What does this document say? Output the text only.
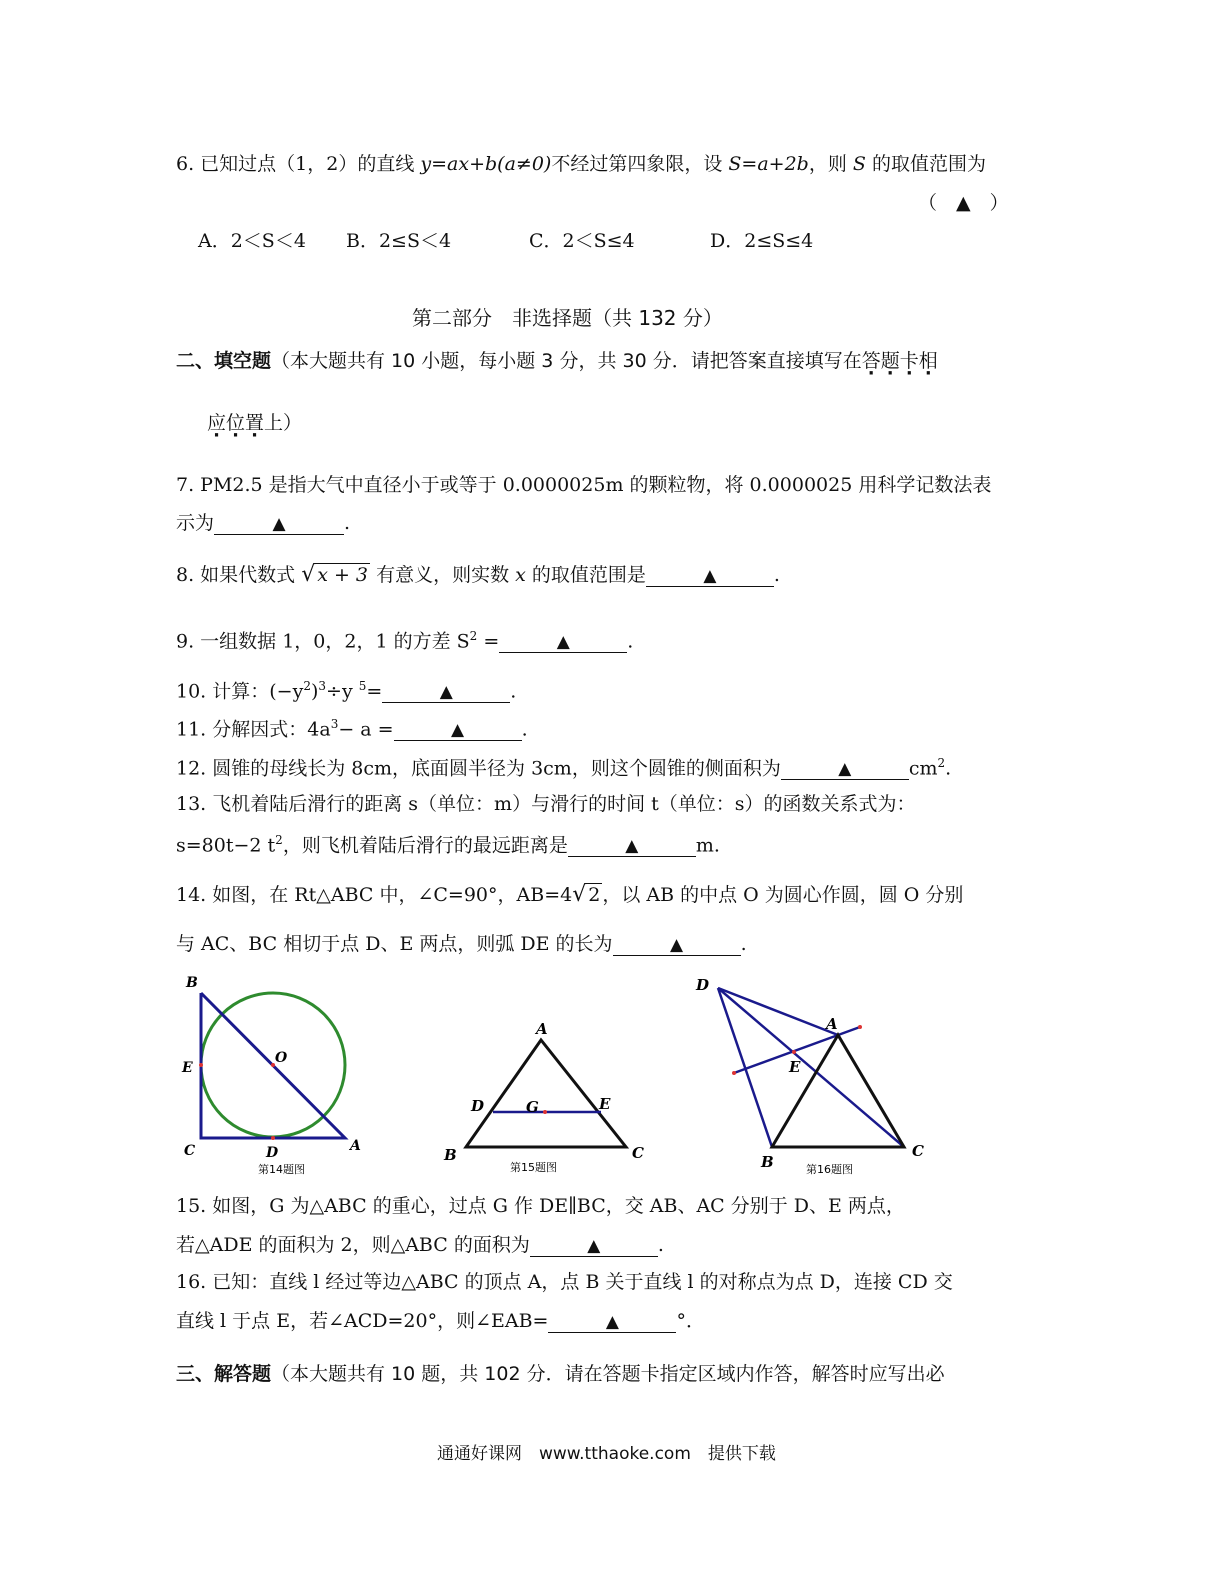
6. 已知过点（1，2）的直线 y=ax+b(a≠0)不经过第四象限，设 S=a+2b，则 S 的取值范围为
（　▲　）
A．2＜S＜4 B．2≤S＜4	C．2＜S≤4	D．2≤S≤4
第二部分　非选择题（共 132 分）
二、填空题（本大题共有 10 小题，每小题 3 分，共 30 分．请把答案直接填写在答题卡相
应位置上）
7. PM2.5 是指大气中直径小于或等于 0.0000025m 的颗粒物，将 0.0000025 用科学记数法表
示为	▲	.
8. 如果代数式 √ x + 3 有意义，则实数 x 的取值范围是	▲	.
9. 一组数据 1，0，2，1 的方差 $S^2$ =	▲	.
10. 计算：$(-y^2)^3\div y$ $^5$=	▲	.
11. 分解因式：$4a^3- a$ =	▲	.
12. 圆锥的母线长为 8cm，底面圆半径为 3cm，则这个圆锥的侧面积为	▲	$cm^2$.
13. 飞机着陆后滑行的距离 s（单位：m）与滑行的时间 t（单位：s）的函数关系式为：
s=80t−2 $t^2$，则飞机着陆后滑行的最远距离是	▲	m.
14. 如图，在 Rt△ABC 中，∠C=90°，AB=4 √ 2 ，以 AB 的中点 O 为圆心作圆，圆 O 分别
与 AC、BC 相切于点 D、E 两点，则弧 DE 的长为	▲	.
B
E
O
C	D	A
第14题图
A
D	G	E
B	C
第15题图
D
A
E
B
C
第16题图
15. 如图，G 为△ABC 的重心，过点 G 作 DE∥BC，交 AB、AC 分别于 D、E 两点，
若△ADE 的面积为 2，则△ABC 的面积为	▲	.
16. 已知：直线 l 经过等边△ABC 的顶点 A，点 B 关于直线 l 的对称点为点 D，连接 CD 交
直线 l 于点 E，若∠ACD=20°，则∠EAB=	▲	°．
三、解答题（本大题共有 10 题，共 102 分．请在答题卡指定区域内作答，解答时应写出必
通通好课网　www.tthaoke.com　提供下载
